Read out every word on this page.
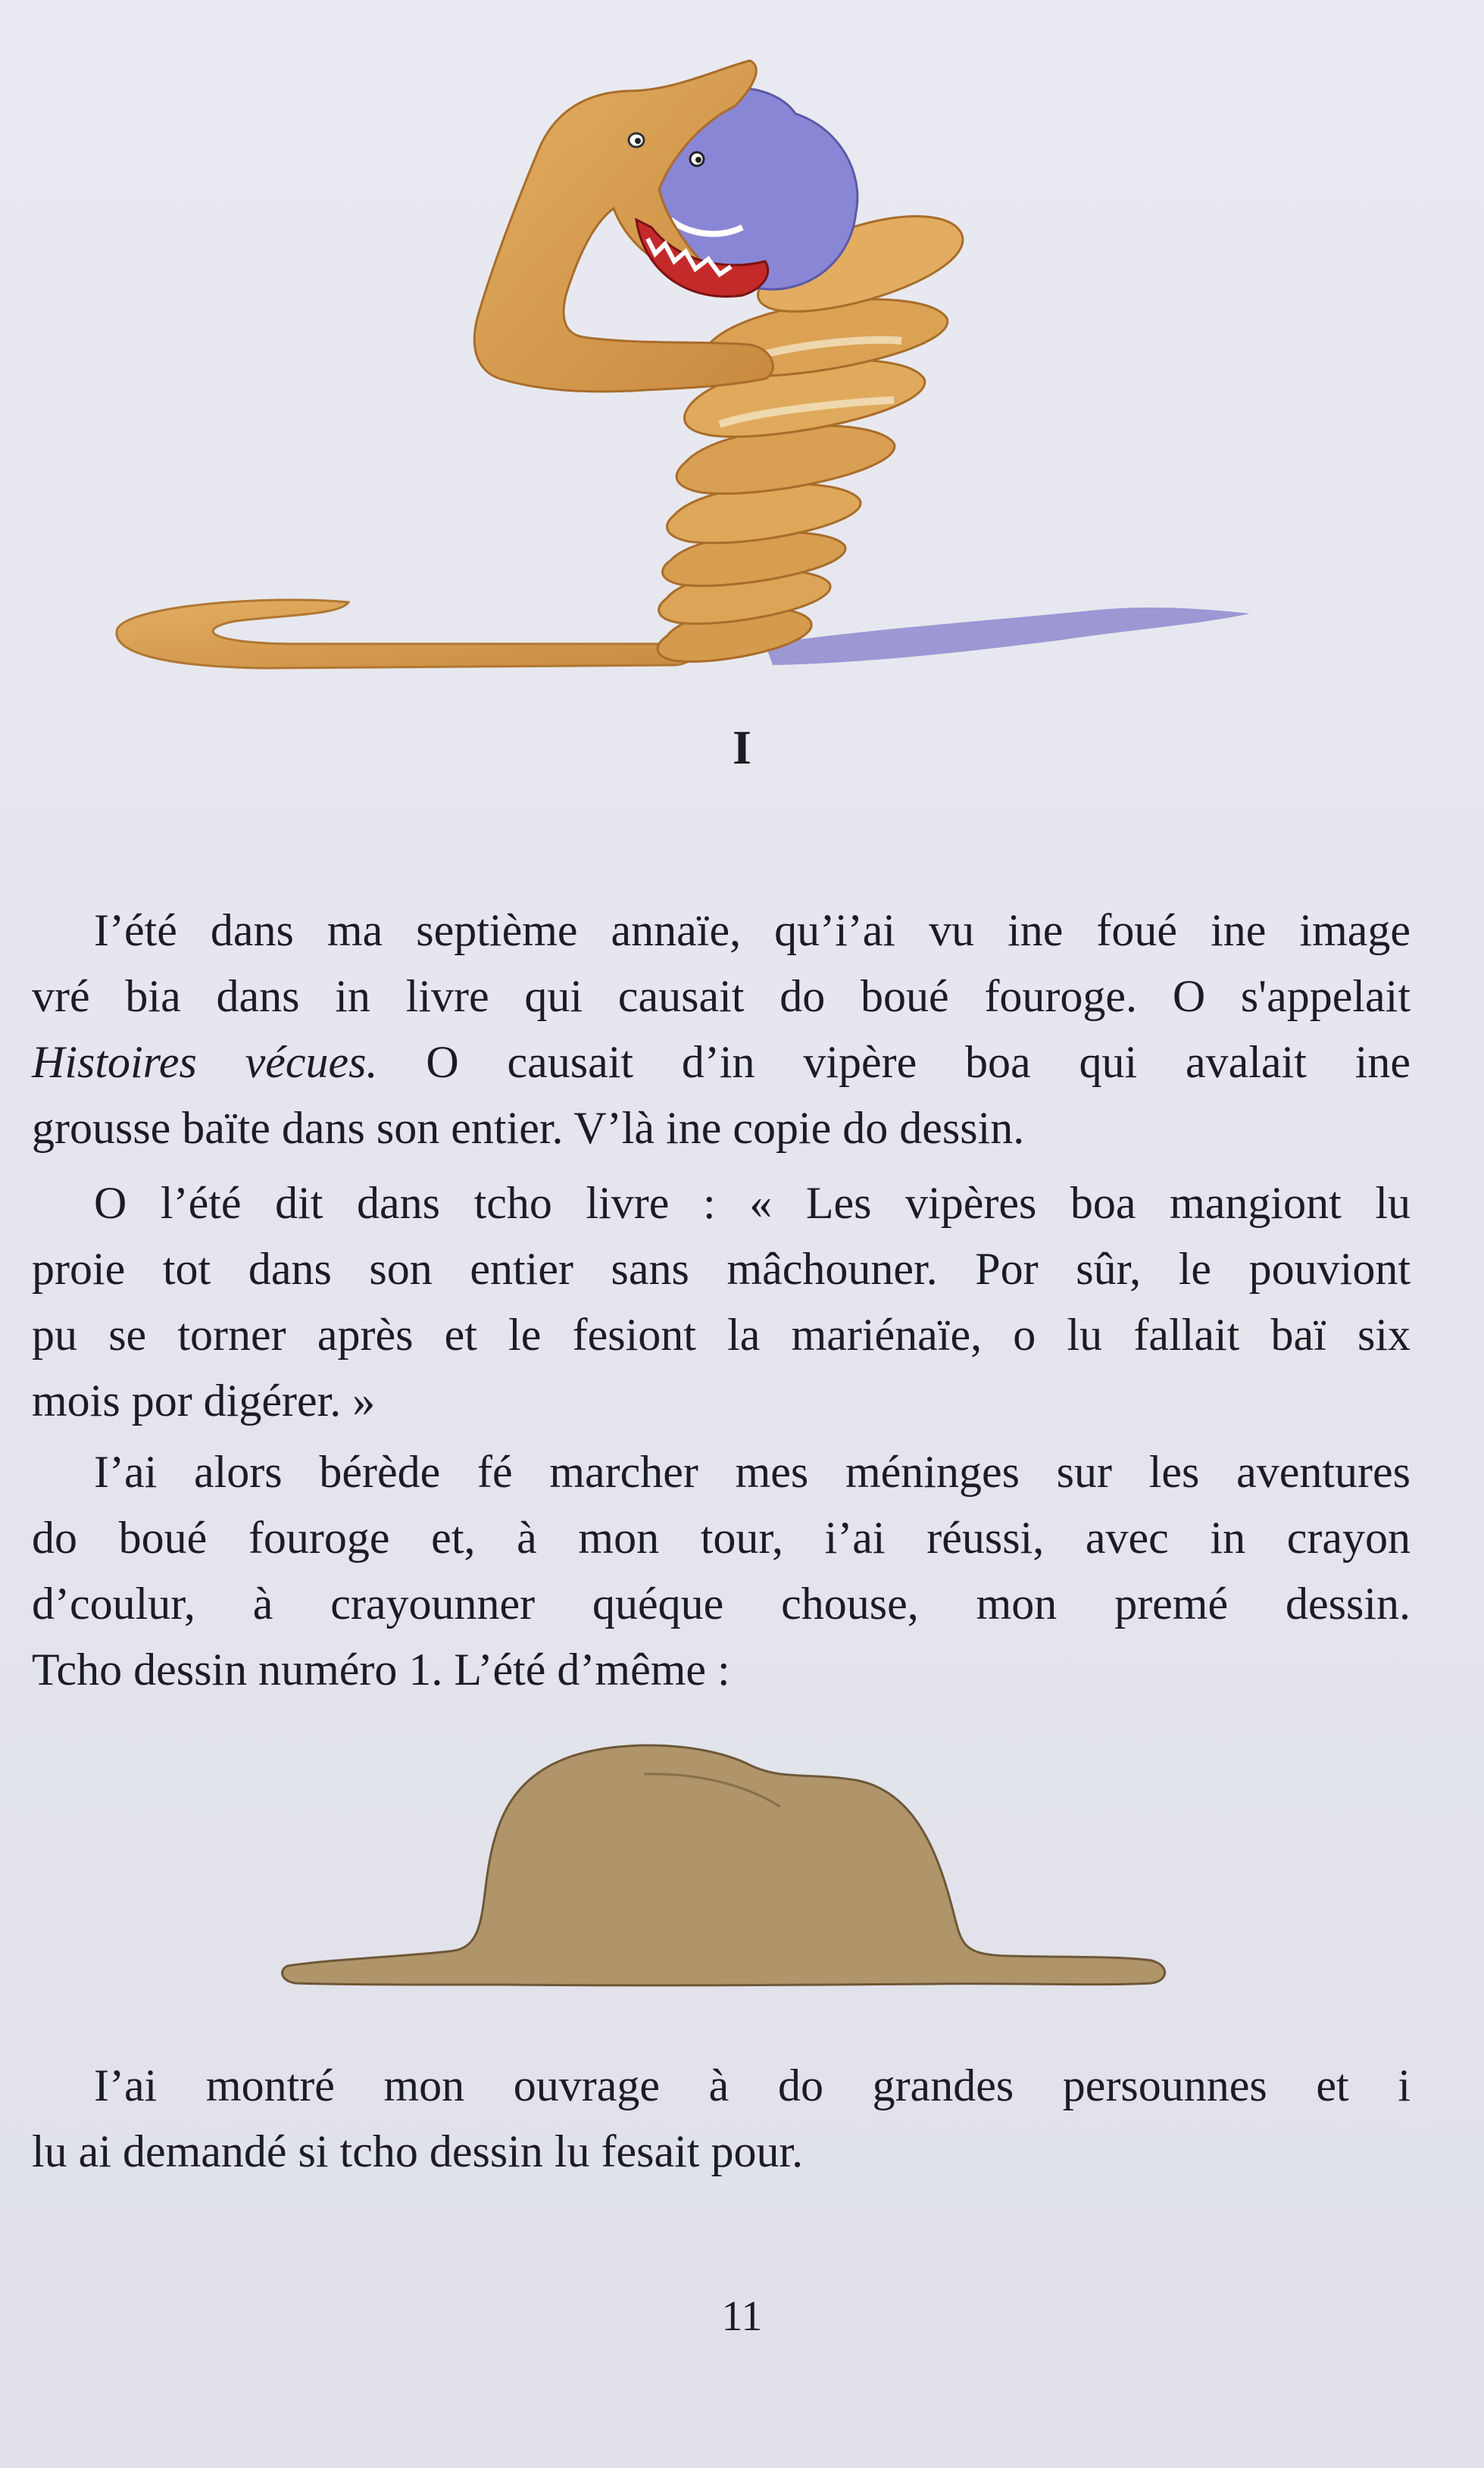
I
I’été dans ma septième annaïe, qu’i’ai vu ine foué ine image
vré bia dans in livre qui causait do boué fouroge. O s'appelait
Histoires vécues. O causait d’in vipère boa qui avalait ine
grousse baïte dans son entier. V’là ine copie do dessin.
O l’été dit dans tcho livre : « Les vipères boa mangiont lu
proie tot dans son entier sans mâchouner. Por sûr, le pouviont
pu se torner après et le fesiont la mariénaïe, o lu fallait baï six
mois por digérer. »
I’ai alors bérède fé marcher mes méninges sur les aventures
do boué fouroge et, à mon tour, i’ai réussi, avec in crayon
d’coulur, à crayounner quéque chouse, mon premé dessin.
Tcho dessin numéro 1. L’été d’même :
I’ai montré mon ouvrage à do grandes persounnes et i
lu ai demandé si tcho dessin lu fesait pour.
11
